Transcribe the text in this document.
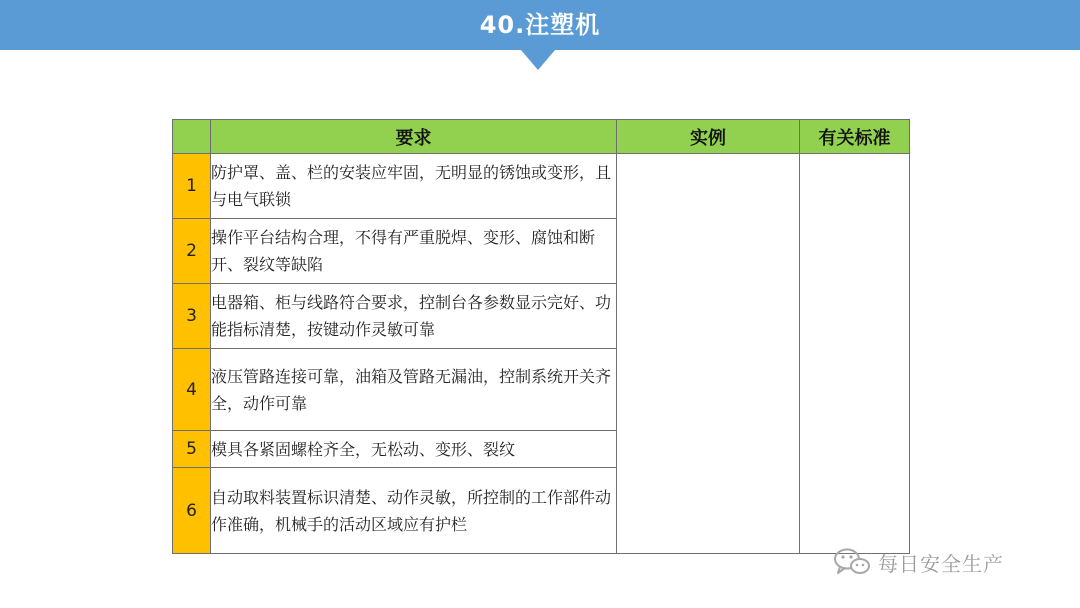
40.注塑机
	要求	实例	有关标准
1	防护罩、盖、栏的安装应牢固，无明显的锈蚀或变形，且与电气联锁		
2	操作平台结构合理，不得有严重脱焊、变形、腐蚀和断开、裂纹等缺陷		
3	电器箱、柜与线路符合要求，控制台各参数显示完好、功能指标清楚，按键动作灵敏可靠		
4	液压管路连接可靠，油箱及管路无漏油，控制系统开关齐全，动作可靠		
5	模具各紧固螺栓齐全，无松动、变形、裂纹		
6	自动取料装置标识清楚、动作灵敏，所控制的工作部件动作准确，机械手的活动区域应有护栏		
每日安全生产
